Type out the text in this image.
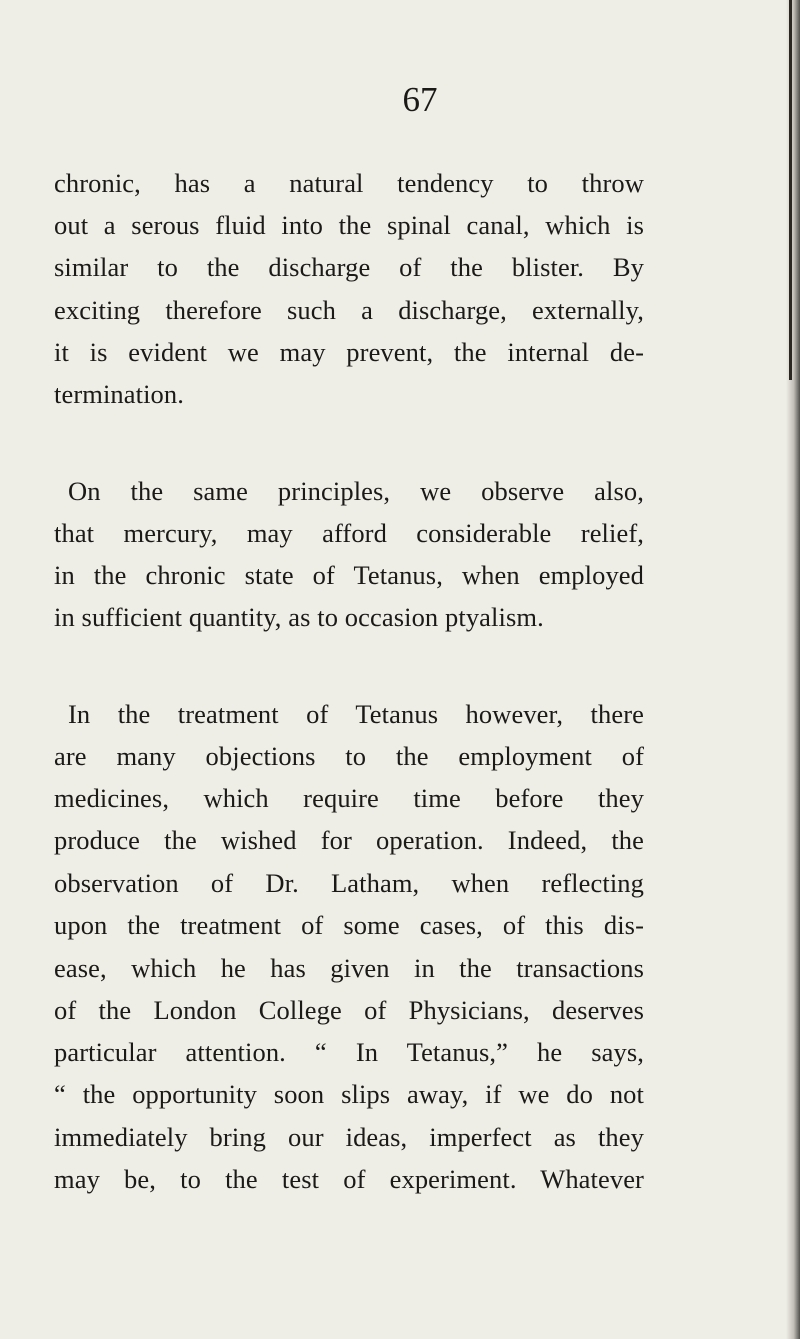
67
chronic, has a natural tendency to throw
out a serous fluid into the spinal canal, which is
similar to the discharge of the blister. By
exciting therefore such a discharge, externally,
it is evident we may prevent, the internal de-
termination.
On the same principles, we observe also,
that mercury, may afford considerable relief,
in the chronic state of Tetanus, when employed
in sufficient quantity, as to occasion ptyalism.
In the treatment of Tetanus however, there
are many objections to the employment of
medicines, which require time before they
produce the wished for operation. Indeed, the
observation of Dr. Latham, when reflecting
upon the treatment of some cases, of this dis-
ease, which he has given in the transactions
of the London College of Physicians, deserves
particular attention. “ In Tetanus,” he says,
“ the opportunity soon slips away, if we do not
immediately bring our ideas, imperfect as they
may be, to the test of experiment. Whatever
